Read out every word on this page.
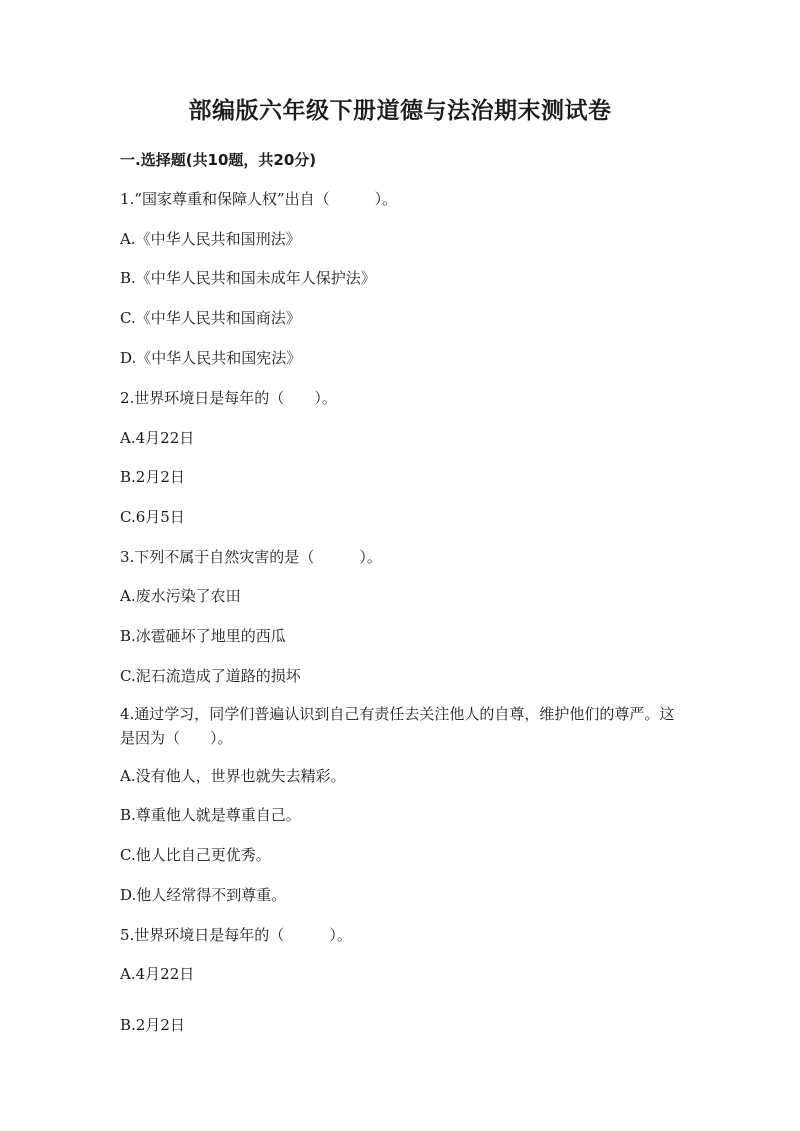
部编版六年级下册道德与法治期末测试卷
一.选择题(共10题，共20分)
1.“国家尊重和保障人权”出自（　　　）。
A.《中华人民共和国刑法》
B.《中华人民共和国未成年人保护法》
C.《中华人民共和国商法》
D.《中华人民共和国宪法》
2.世界环境日是每年的（　　）。
A.4月22日
B.2月2日
C.6月5日
3.下列不属于自然灾害的是（　　　）。
A.废水污染了农田
B.冰雹砸坏了地里的西瓜
C.泥石流造成了道路的损坏
4.通过学习，同学们普遍认识到自己有责任去关注他人的自尊，维护他们的尊严。这是因为（　　）。
A.没有他人，世界也就失去精彩。
B.尊重他人就是尊重自己。
C.他人比自己更优秀。
D.他人经常得不到尊重。
5.世界环境日是每年的（　　　）。
A.4月22日
B.2月2日
